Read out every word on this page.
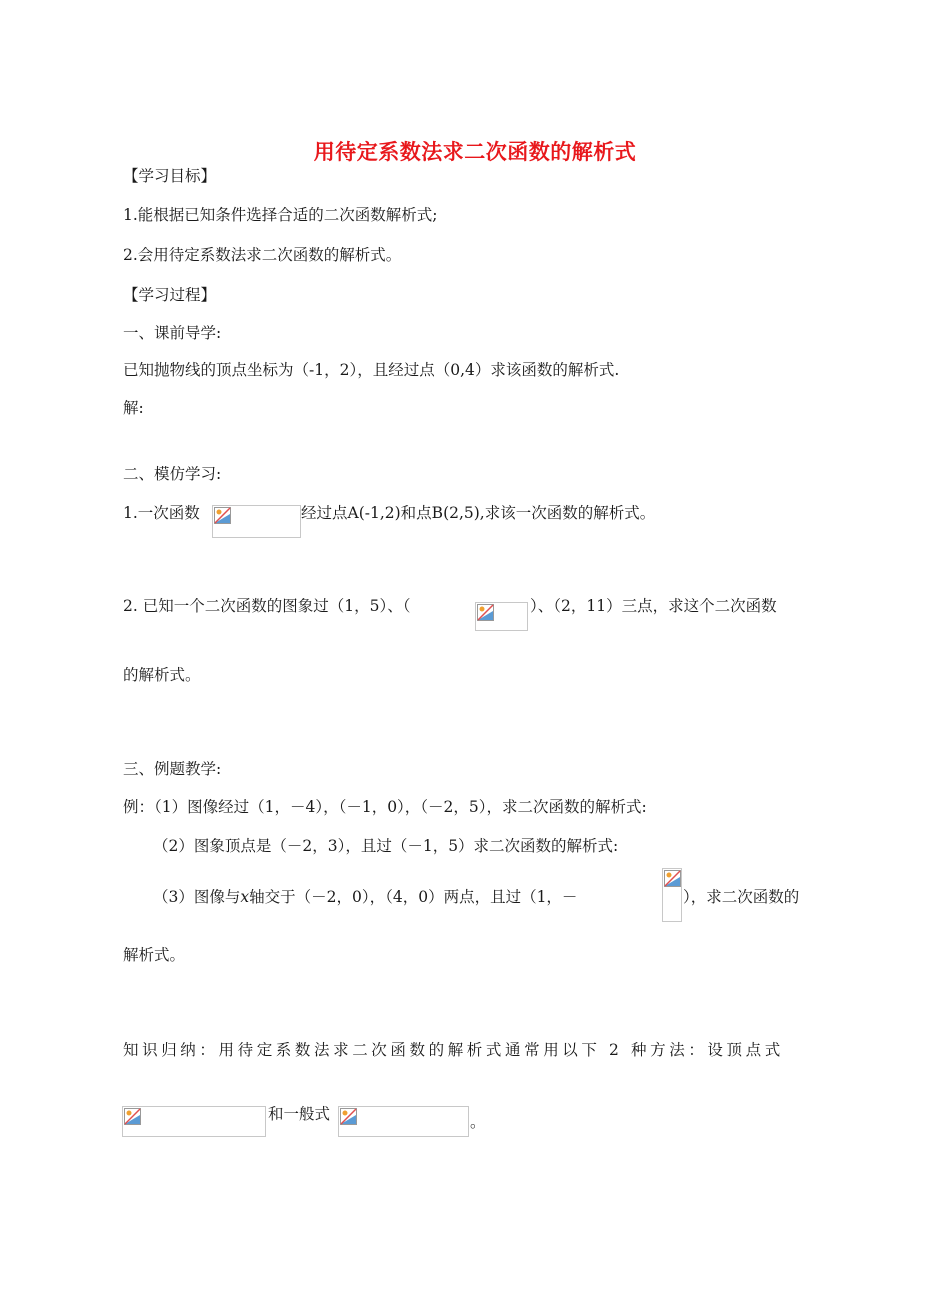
用待定系数法求二次函数的解析式
【学习目标】
1.能根据已知条件选择合适的二次函数解析式;
2.会用待定系数法求二次函数的解析式。
【学习过程】
一、课前导学:
已知抛物线的顶点坐标为（-1，2），且经过点（0,4）求该函数的解析式.
解:
二、模仿学习:
1.一次函数	经过点A(-1,2)和点B(2,5),求该一次函数的解析式。
2. 已知一个二次函数的图象过（1，5）、（	）、（2，11）三点，求这个二次函数
的解析式。
三、例题教学:
例：（1）图像经过（1，－4），（－1，0），（－2，5），求二次函数的解析式:
（2）图象顶点是（－2，3），且过（－1，5）求二次函数的解析式:
（3）图像与x轴交于（－2，0），（4，0）两点，且过（1，－	），求二次函数的
解析式。
知识归纳：用待定系数法求二次函数的解析式通常用以下 2 种方法：设顶点式
和一般式	。
